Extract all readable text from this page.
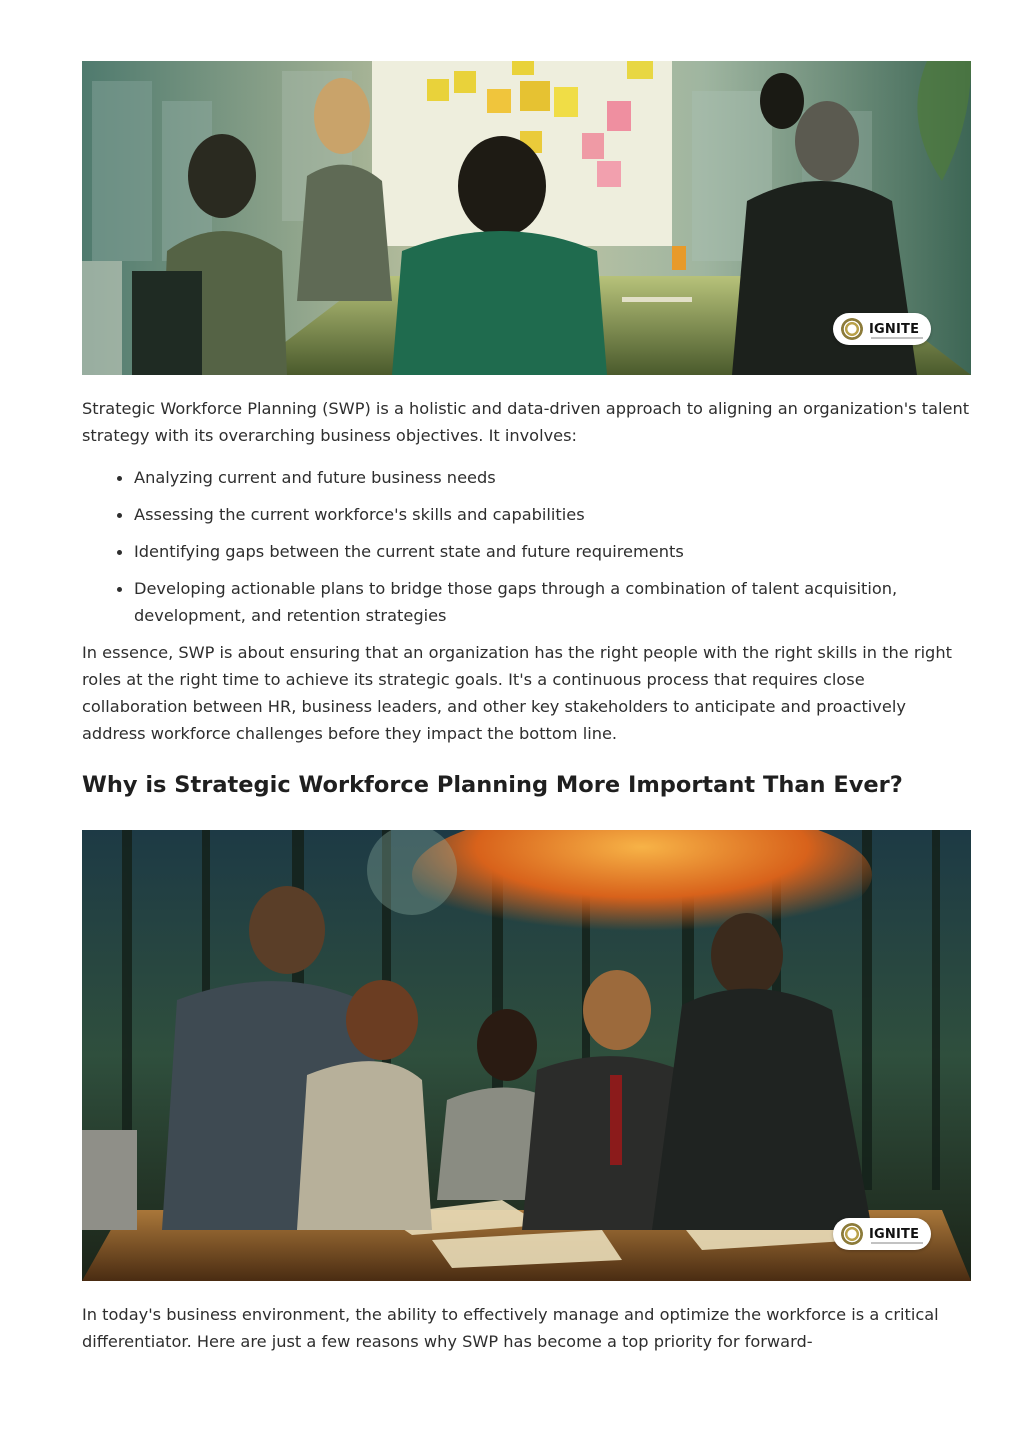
IGNITE

Strategic Workforce Planning (SWP) is a holistic and data-driven approach to aligning an organization's talent strategy with its overarching business objectives. It involves:

Analyzing current and future business needs
Assessing the current workforce's skills and capabilities
Identifying gaps between the current state and future requirements
Developing actionable plans to bridge those gaps through a combination of talent acquisition, development, and retention strategies

In essence, SWP is about ensuring that an organization has the right people with the right skills in the right roles at the right time to achieve its strategic goals. It's a continuous process that requires close collaboration between HR, business leaders, and other key stakeholders to anticipate and proactively address workforce challenges before they impact the bottom line.

Why is Strategic Workforce Planning More Important Than Ever?
IGNITE

In today's business environment, the ability to effectively manage and optimize the workforce is a critical differentiator. Here are just a few reasons why SWP has become a top priority for forward-
